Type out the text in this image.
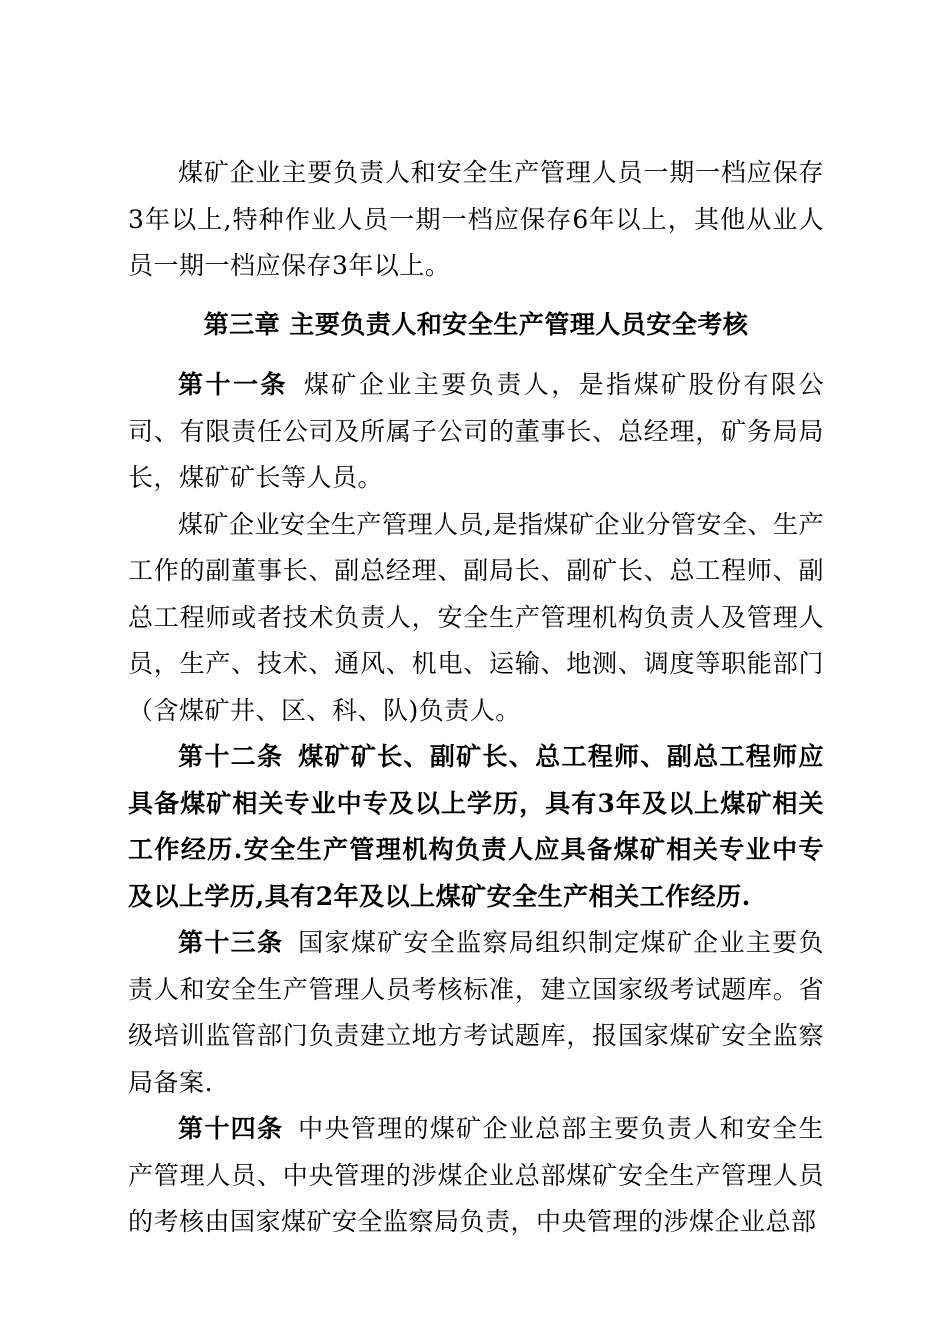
煤矿企业主要负责人和安全生产管理人员一期一档应保存3年以上,特种作业人员一期一档应保存6年以上，其他从业人员一期一档应保存3年以上。

第三章 主要负责人和安全生产管理人员安全考核

第十一条 煤矿企业主要负责人，是指煤矿股份有限公司、有限责任公司及所属子公司的董事长、总经理，矿务局局长，煤矿矿长等人员。

煤矿企业安全生产管理人员,是指煤矿企业分管安全、生产工作的副董事长、副总经理、副局长、副矿长、总工程师、副总工程师或者技术负责人，安全生产管理机构负责人及管理人员，生产、技术、通风、机电、运输、地测、调度等职能部门（含煤矿井、区、科、队)负责人。

第十二条 煤矿矿长、副矿长、总工程师、副总工程师应具备煤矿相关专业中专及以上学历，具有3年及以上煤矿相关工作经历.安全生产管理机构负责人应具备煤矿相关专业中专及以上学历,具有2年及以上煤矿安全生产相关工作经历.

第十三条 国家煤矿安全监察局组织制定煤矿企业主要负责人和安全生产管理人员考核标准，建立国家级考试题库。省级培训监管部门负责建立地方考试题库，报国家煤矿安全监察局备案.

第十四条 中央管理的煤矿企业总部主要负责人和安全生产管理人员、中央管理的涉煤企业总部煤矿安全生产管理人员的考核由国家煤矿安全监察局负责，中央管理的涉煤企业总部
